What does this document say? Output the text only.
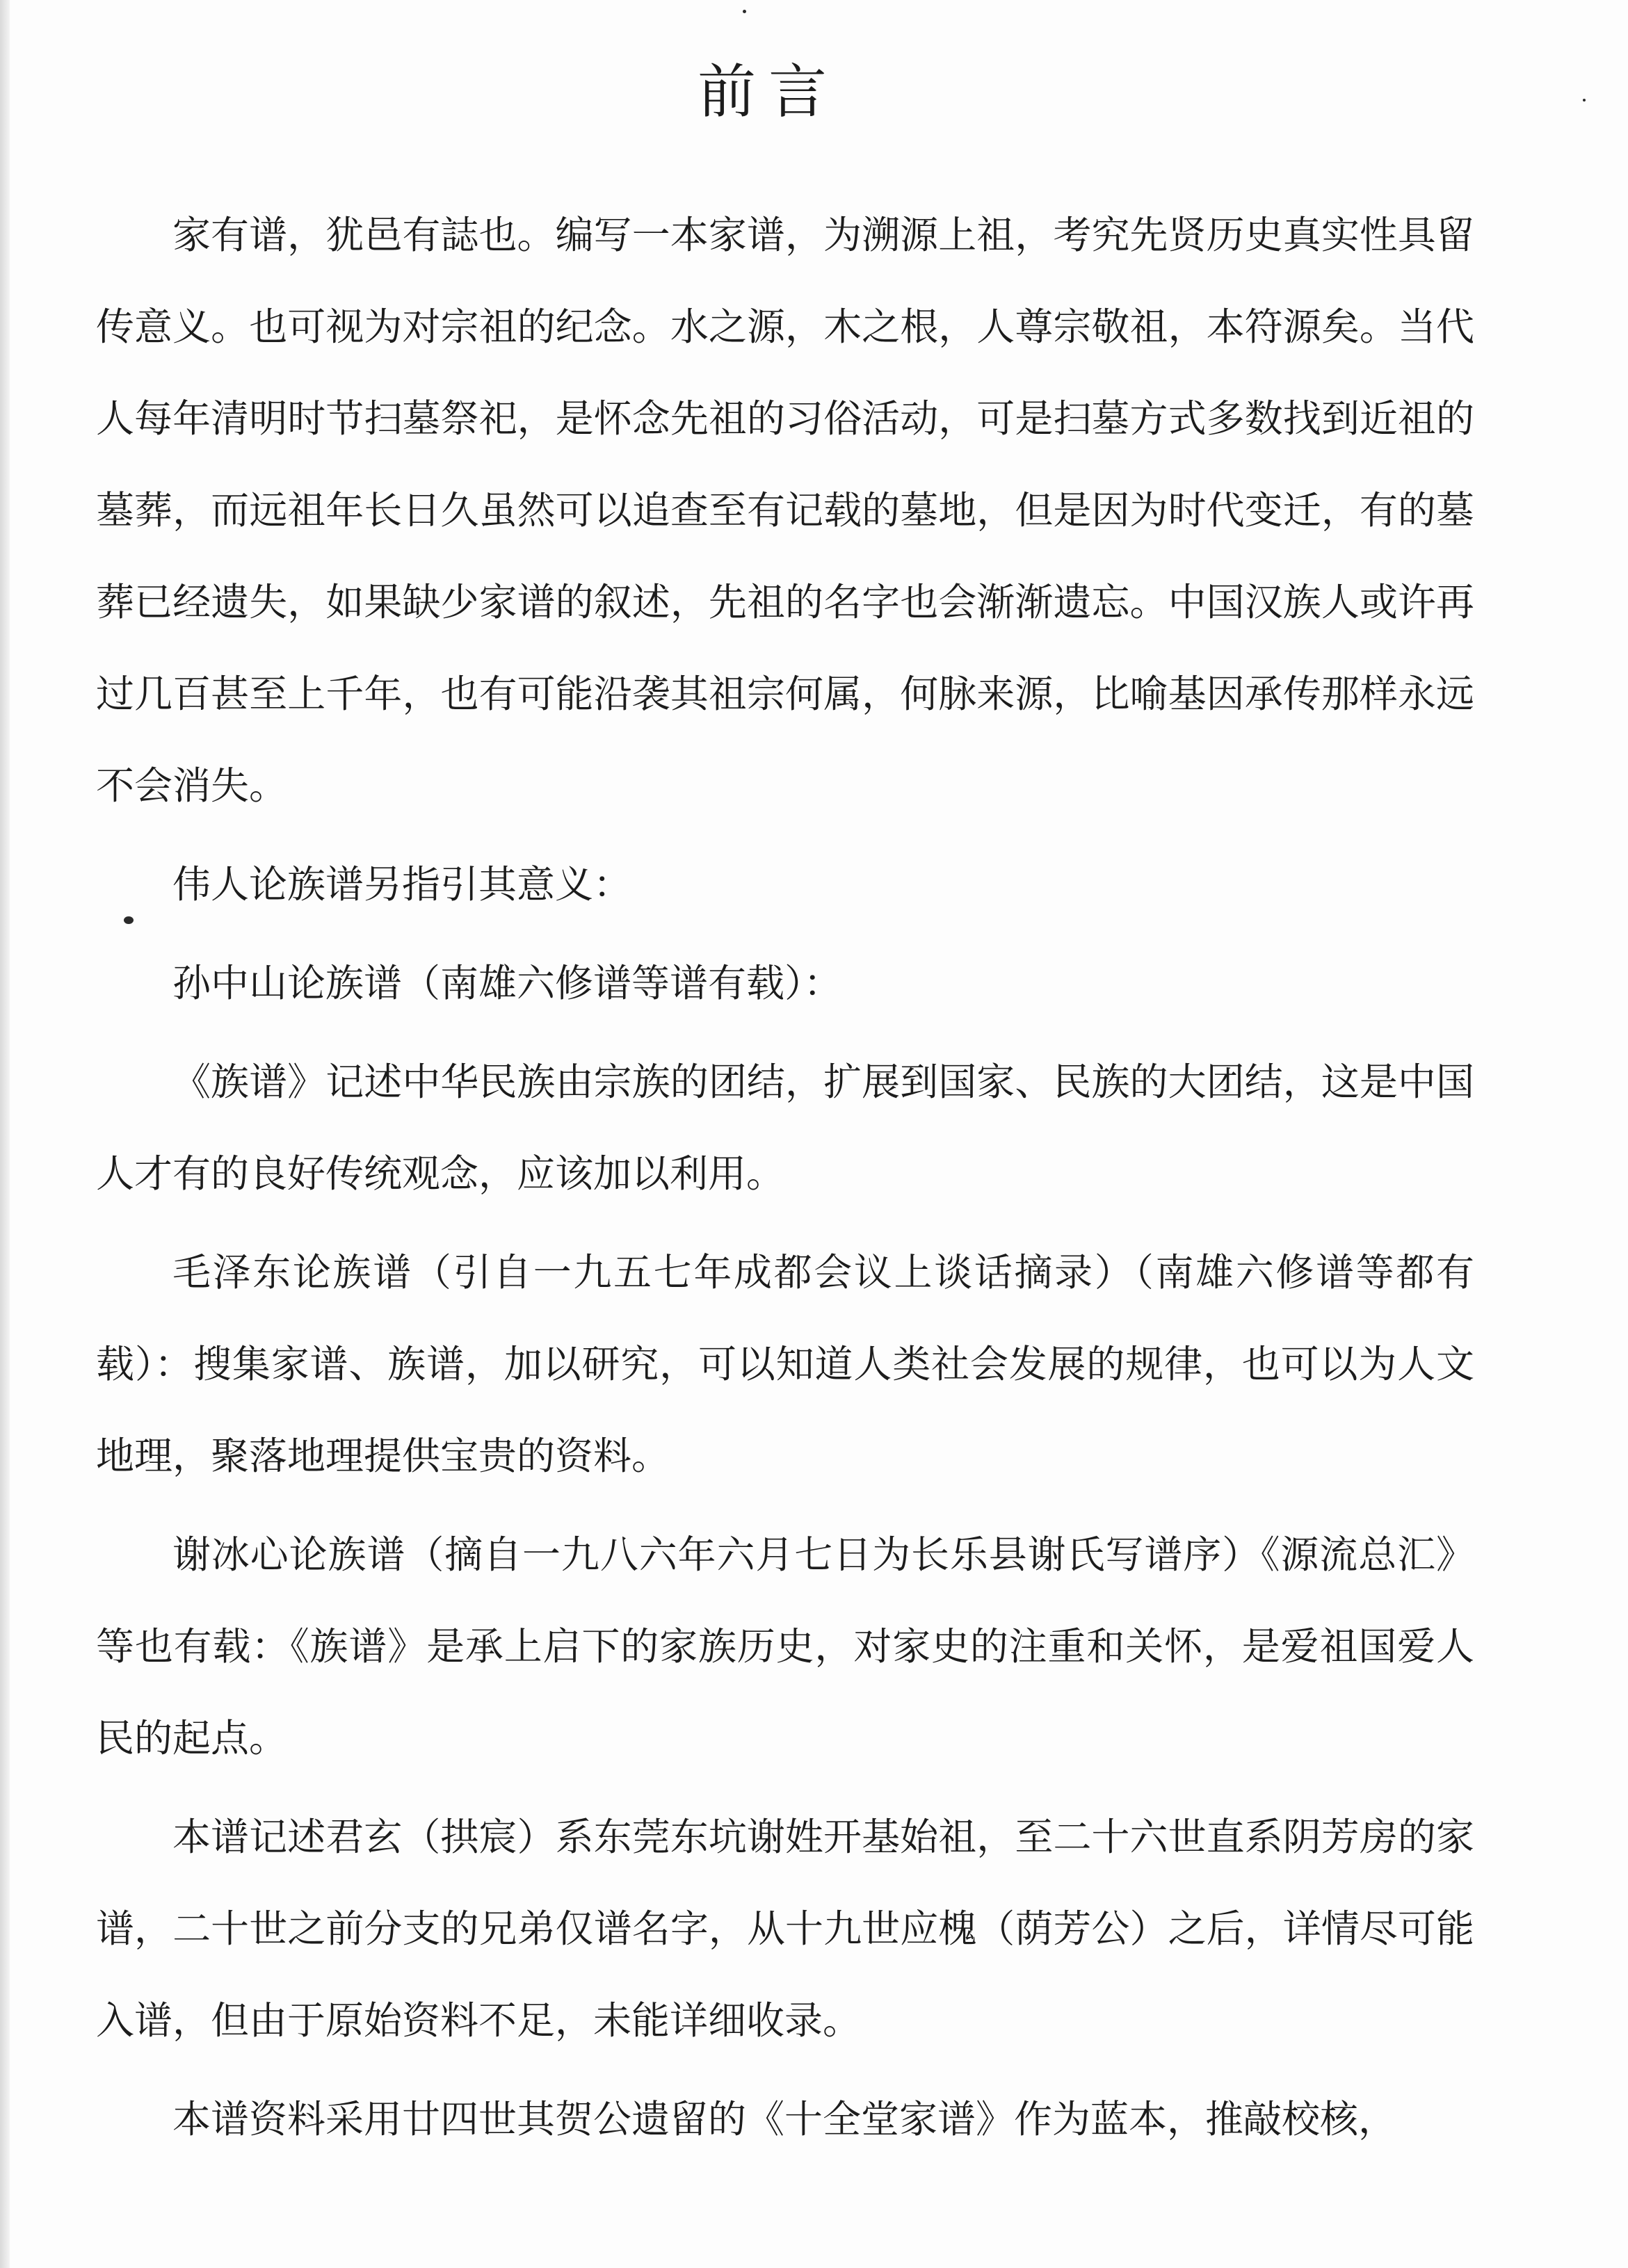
前言

家有谱，犹邑有誌也。编写一本家谱，为溯源上祖，考究先贤历史真实性具留传意义。也可视为对宗祖的纪念。水之源，木之根，人尊宗敬祖，本符源矣。当代人每年清明时节扫墓祭祀，是怀念先祖的习俗活动，可是扫墓方式多数找到近祖的墓葬，而远祖年长日久虽然可以追查至有记载的墓地，但是因为时代变迁，有的墓葬已经遗失，如果缺少家谱的叙述，先祖的名字也会渐渐遗忘。中国汉族人或许再过几百甚至上千年，也有可能沿袭其祖宗何属，何脉来源，比喻基因承传那样永远不会消失。

伟人论族谱另指引其意义：

孙中山论族谱（南雄六修谱等谱有载）：

《族谱》记述中华民族由宗族的团结，扩展到国家、民族的大团结，这是中国人才有的良好传统观念，应该加以利用。

毛泽东论族谱（引自一九五七年成都会议上谈话摘录）（南雄六修谱等都有载）：搜集家谱、族谱，加以研究，可以知道人类社会发展的规律，也可以为人文地理，聚落地理提供宝贵的资料。

谢冰心论族谱（摘自一九八六年六月七日为长乐县谢氏写谱序）《源流总汇》等也有载：《族谱》是承上启下的家族历史，对家史的注重和关怀，是爱祖国爱人民的起点。

本谱记述君玄（拱宸）系东莞东坑谢姓开基始祖，至二十六世直系阴芳房的家谱，二十世之前分支的兄弟仅谱名字，从十九世应槐（荫芳公）之后，详情尽可能入谱，但由于原始资料不足，未能详细收录。

本谱资料采用廿四世其贺公遗留的《十全堂家谱》作为蓝本，推敲校核，
